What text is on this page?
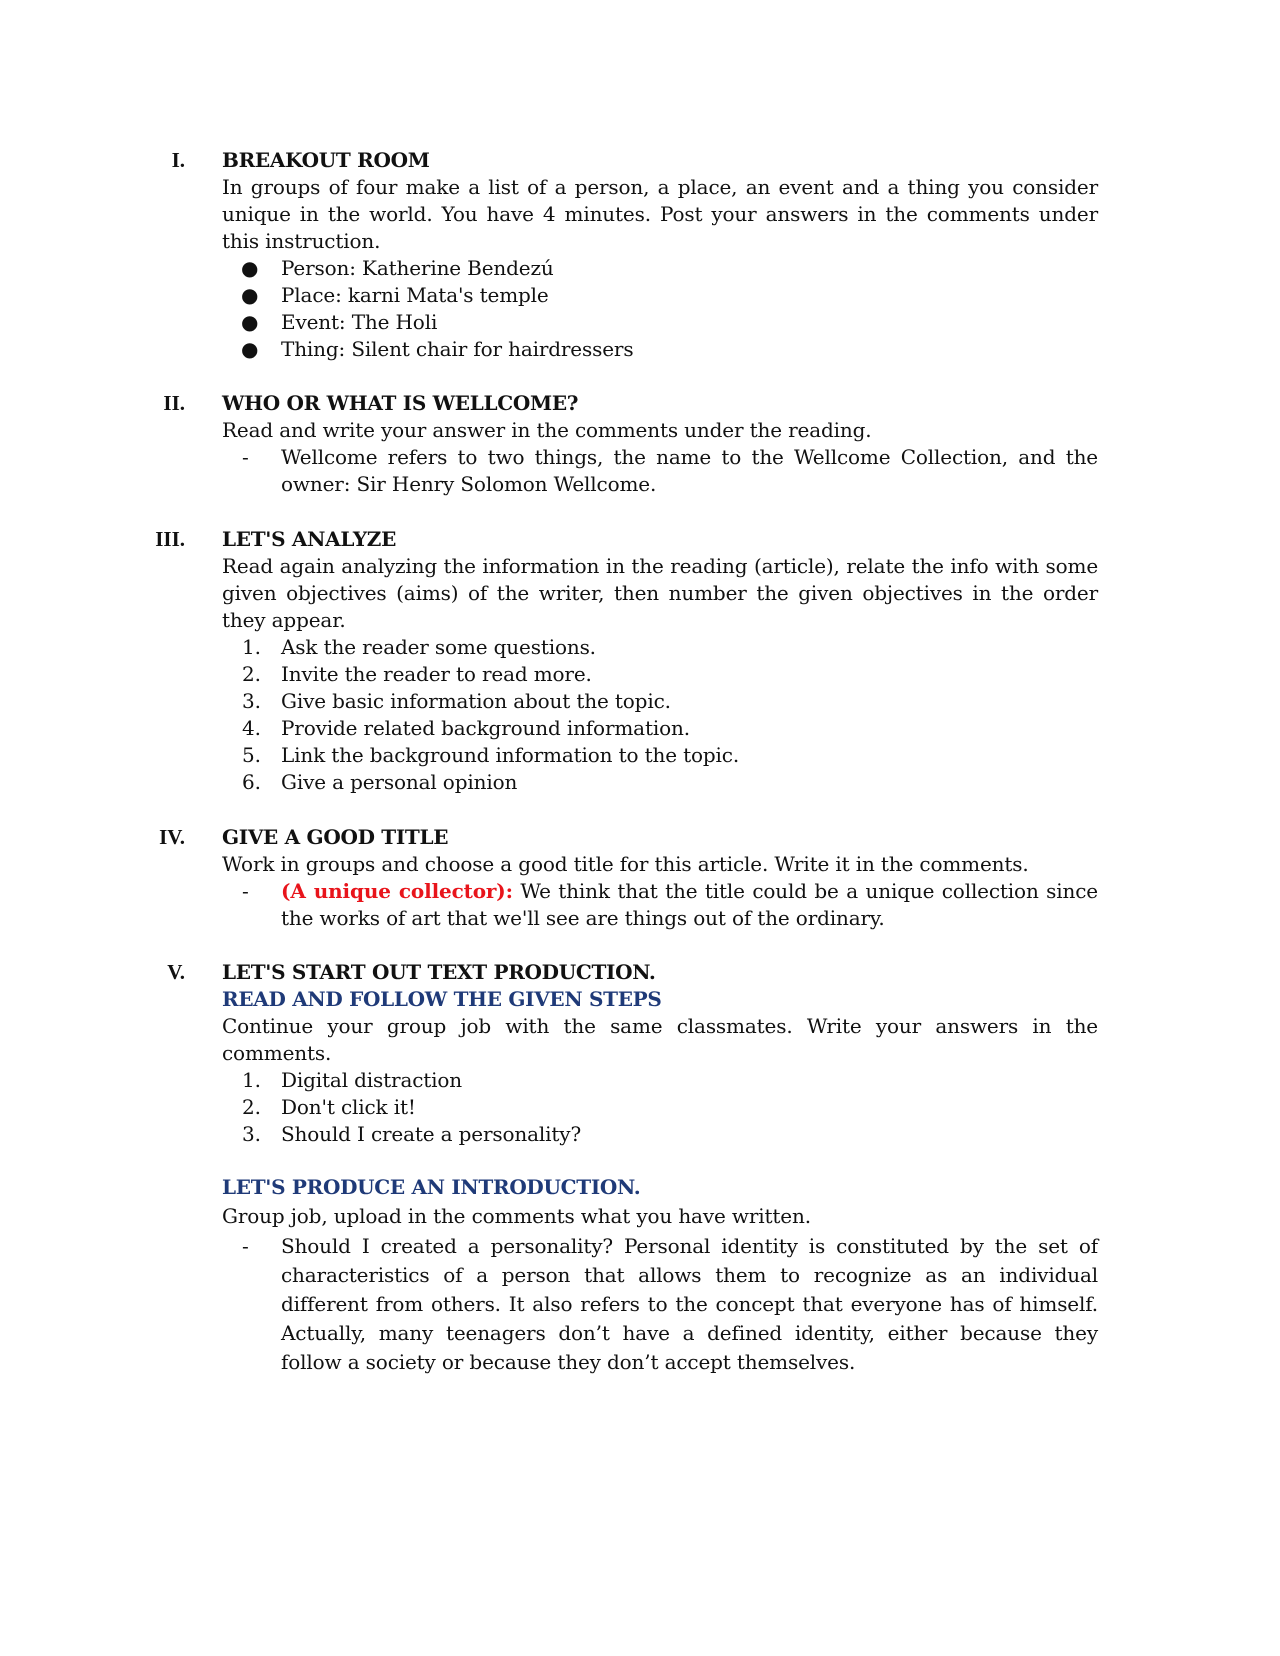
I. BREAKOUT ROOM
In groups of four make a list of a person, a place, an event and a thing you consider unique in the world. You have 4 minutes. Post your answers in the comments under this instruction.
● Person: Katherine Bendezú
● Place: karni Mata's temple
● Event: The Holi
● Thing: Silent chair for hairdressers
II. WHO OR WHAT IS WELLCOME?
Read and write your answer in the comments under the reading.
- Wellcome refers to two things, the name to the Wellcome Collection, and the owner: Sir Henry Solomon Wellcome.
III. LET'S ANALYZE
Read again analyzing the information in the reading (article), relate the info with some given objectives (aims) of the writer, then number the given objectives in the order they appear.
1. Ask the reader some questions.
2. Invite the reader to read more.
3. Give basic information about the topic.
4. Provide related background information.
5. Link the background information to the topic.
6. Give a personal opinion
IV. GIVE A GOOD TITLE
Work in groups and choose a good title for this article. Write it in the comments.
- (A unique collector): We think that the title could be a unique collection since the works of art that we'll see are things out of the ordinary.
V. LET'S START OUT TEXT PRODUCTION.
READ AND FOLLOW THE GIVEN STEPS
Continue your group job with the same classmates. Write your answers in the comments.
1. Digital distraction
2. Don't click it!
3. Should I create a personality?
LET'S PRODUCE AN INTRODUCTION.
Group job, upload in the comments what you have written.
- Should I created a personality? Personal identity is constituted by the set of characteristics of a person that allows them to recognize as an individual different from others. It also refers to the concept that everyone has of himself. Actually, many teenagers don’t have a defined identity, either because they follow a society or because they don’t accept themselves.
